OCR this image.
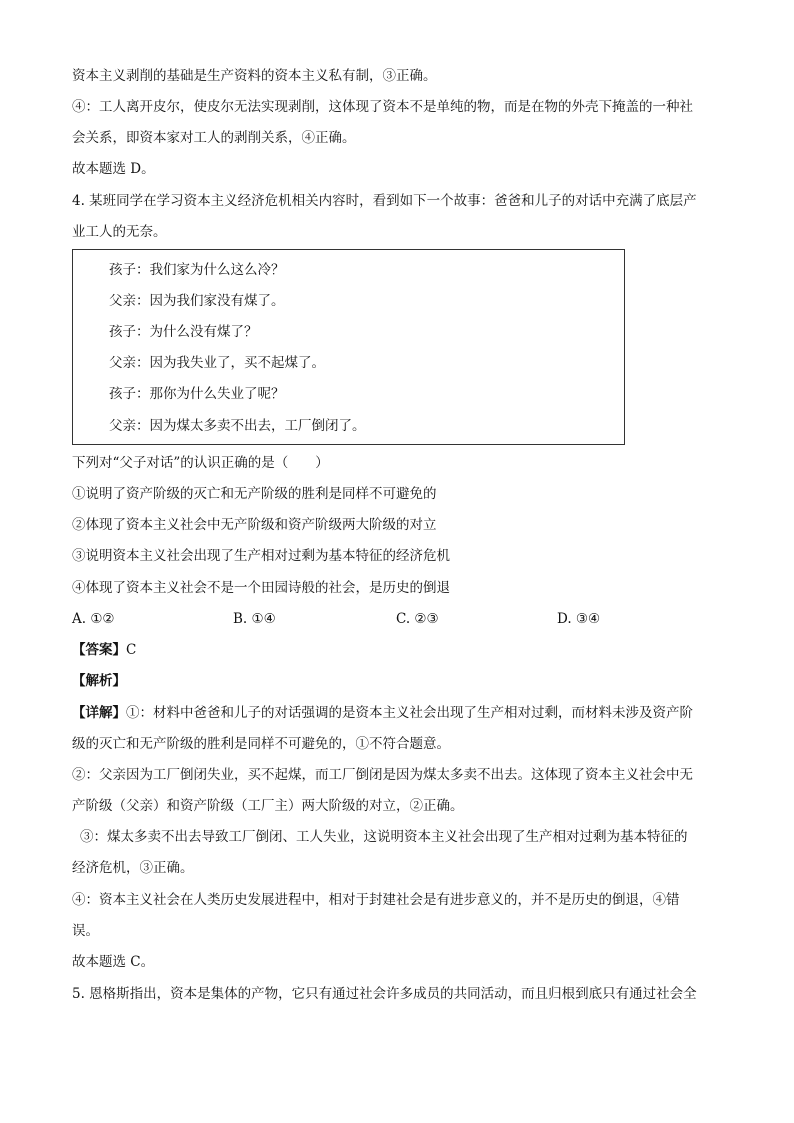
资本主义剥削的基础是生产资料的资本主义私有制，③正确。
④：工人离开皮尔，使皮尔无法实现剥削，这体现了资本不是单纯的物，而是在物的外壳下掩盖的一种社
会关系，即资本家对工人的剥削关系，④正确。
故本题选 D。
4. 某班同学在学习资本主义经济危机相关内容时，看到如下一个故事：爸爸和儿子的对话中充满了底层产
业工人的无奈。
孩子：我们家为什么这么冷？
父亲：因为我们家没有煤了。
孩子：为什么没有煤了？
父亲：因为我失业了，买不起煤了。
孩子：那你为什么失业了呢？
父亲：因为煤太多卖不出去，工厂倒闭了。
下列对“父子对话”的认识正确的是（　　）
①说明了资产阶级的灭亡和无产阶级的胜利是同样不可避免的
②体现了资本主义社会中无产阶级和资产阶级两大阶级的对立
③说明资本主义社会出现了生产相对过剩为基本特征的经济危机
④体现了资本主义社会不是一个田园诗般的社会，是历史的倒退
A. ①②	B. ①④	C. ②③	D. ③④
【答案】C
【解析】
【详解】①：材料中爸爸和儿子的对话强调的是资本主义社会出现了生产相对过剩，而材料未涉及资产阶
级的灭亡和无产阶级的胜利是同样不可避免的，①不符合题意。
②：父亲因为工厂倒闭失业，买不起煤，而工厂倒闭是因为煤太多卖不出去。这体现了资本主义社会中无
产阶级（父亲）和资产阶级（工厂主）两大阶级的对立，②正确。
③：煤太多卖不出去导致工厂倒闭、工人失业，这说明资本主义社会出现了生产相对过剩为基本特征的
经济危机，③正确。
④：资本主义社会在人类历史发展进程中，相对于封建社会是有进步意义的，并不是历史的倒退，④错
误。
故本题选 C。
5. 恩格斯指出，资本是集体的产物，它只有通过社会许多成员的共同活动，而且归根到底只有通过社会全
